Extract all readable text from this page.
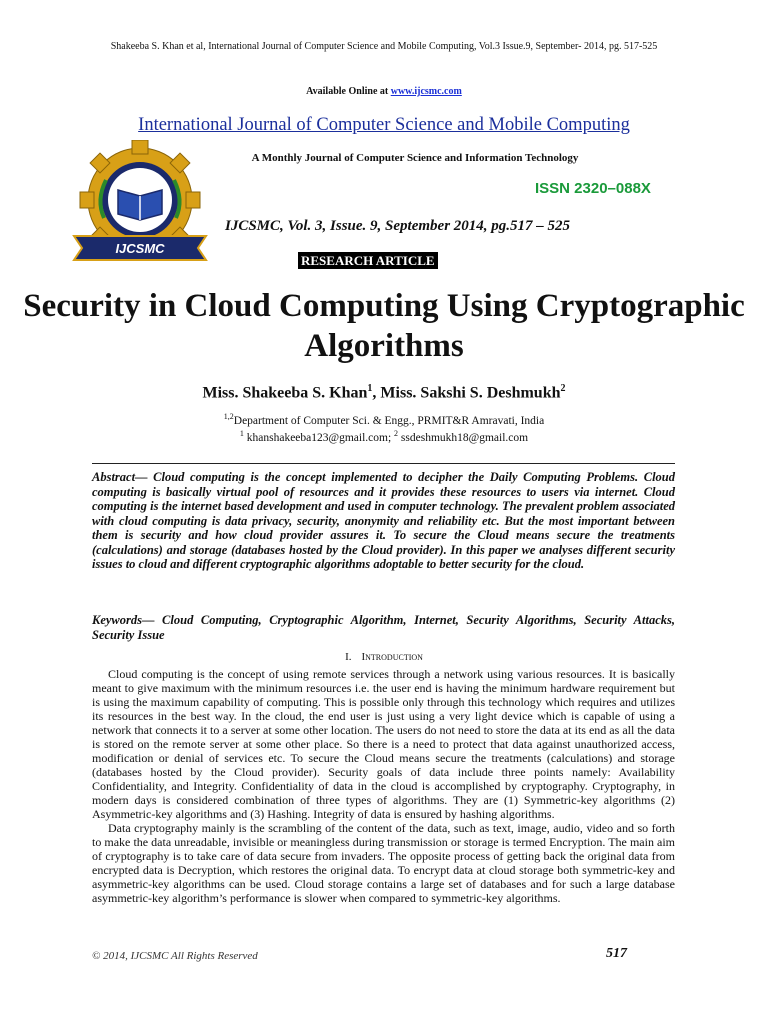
Shakeeba S. Khan et al, International Journal of Computer Science and Mobile Computing, Vol.3 Issue.9, September- 2014, pg. 517-525
Available Online at www.ijcsmc.com
International Journal of Computer Science and Mobile Computing
IJCSMC
A Monthly Journal of Computer Science and Information Technology
ISSN 2320–088X
IJCSMC, Vol. 3, Issue. 9, September 2014, pg.517 – 525
RESEARCH ARTICLE
Security in Cloud Computing Using Cryptographic Algorithms
Miss. Shakeeba S. Khan$^1$, Miss. Sakshi S. Deshmukh$^2$
$^{1,2}$Department of Computer Sci. & Engg., PRMIT&R Amravati, India
$^1$ khanshakeeba123@gmail.com; $^2$ ssdeshmukh18@gmail.com
Abstract— Cloud computing is the concept implemented to decipher the Daily Computing Problems. Cloud computing is basically virtual pool of resources and it provides these resources to users via internet. Cloud computing is the internet based development and used in computer technology. The prevalent problem associated with cloud computing is data privacy, security, anonymity and reliability etc. But the most important between them is security and how cloud provider assures it. To secure the Cloud means secure the treatments (calculations) and storage (databases hosted by the Cloud provider). In this paper we analyses different security issues to cloud and different cryptographic algorithms adoptable to better security for the cloud.
Keywords— Cloud Computing, Cryptographic Algorithm, Internet, Security Algorithms, Security Attacks, Security Issue
I. Introduction

Cloud computing is the concept of using remote services through a network using various resources. It is basically meant to give maximum with the minimum resources i.e. the user end is having the minimum hardware requirement but is using the maximum capability of computing. This is possible only through this technology which requires and utilizes its resources in the best way. In the cloud, the end user is just using a very light device which is capable of using a network that connects it to a server at some other location. The users do not need to store the data at its end as all the data is stored on the remote server at some other place. So there is a need to protect that data against unauthorized access, modification or denial of services etc. To secure the Cloud means secure the treatments (calculations) and storage (databases hosted by the Cloud provider). Security goals of data include three points namely: Availability Confidentiality, and Integrity. Confidentiality of data in the cloud is accomplished by cryptography. Cryptography, in modern days is considered combination of three types of algorithms. They are (1) Symmetric-key algorithms (2) Asymmetric-key algorithms and (3) Hashing. Integrity of data is ensured by hashing algorithms.

Data cryptography mainly is the scrambling of the content of the data, such as text, image, audio, video and so forth to make the data unreadable, invisible or meaningless during transmission or storage is termed Encryption. The main aim of cryptography is to take care of data secure from invaders. The opposite process of getting back the original data from encrypted data is Decryption, which restores the original data. To encrypt data at cloud storage both symmetric-key and asymmetric-key algorithms can be used. Cloud storage contains a large set of databases and for such a large database asymmetric-key algorithm’s performance is slower when compared to symmetric-key algorithms.

© 2014, IJCSMC All Rights Reserved	517
